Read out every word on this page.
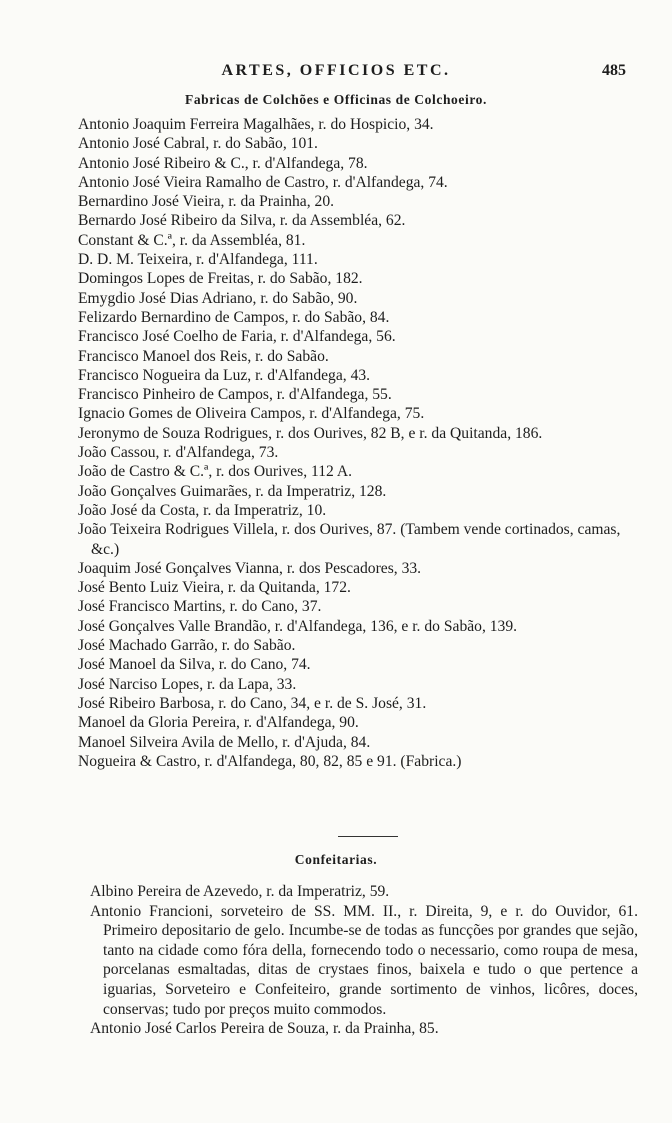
ARTES, OFFICIOS ETC.	485
Fabricas de Colchões e Officinas de Colchoeiro.
Antonio Joaquim Ferreira Magalhães, r. do Hospicio, 34.
Antonio José Cabral, r. do Sabão, 101.
Antonio José Ribeiro & C., r. d'Alfandega, 78.
Antonio José Vieira Ramalho de Castro, r. d'Alfandega, 74.
Bernardino José Vieira, r. da Prainha, 20.
Bernardo José Ribeiro da Silva, r. da Assembléa, 62.
Constant & C.ª, r. da Assembléa, 81.
D. D. M. Teixeira, r. d'Alfandega, 111.
Domingos Lopes de Freitas, r. do Sabão, 182.
Emygdio José Dias Adriano, r. do Sabão, 90.
Felizardo Bernardino de Campos, r. do Sabão, 84.
Francisco José Coelho de Faria, r. d'Alfandega, 56.
Francisco Manoel dos Reis, r. do Sabão.
Francisco Nogueira da Luz, r. d'Alfandega, 43.
Francisco Pinheiro de Campos, r. d'Alfandega, 55.
Ignacio Gomes de Oliveira Campos, r. d'Alfandega, 75.
Jeronymo de Souza Rodrigues, r. dos Ourives, 82 B, e r. da Quitanda, 186.
João Cassou, r. d'Alfandega, 73.
João de Castro & C.ª, r. dos Ourives, 112 A.
João Gonçalves Guimarães, r. da Imperatriz, 128.
João José da Costa, r. da Imperatriz, 10.
João Teixeira Rodrigues Villela, r. dos Ourives, 87. (Tambem vende cortinados, camas, &c.)
Joaquim José Gonçalves Vianna, r. dos Pescadores, 33.
José Bento Luiz Vieira, r. da Quitanda, 172.
José Francisco Martins, r. do Cano, 37.
José Gonçalves Valle Brandão, r. d'Alfandega, 136, e r. do Sabão, 139.
José Machado Garrão, r. do Sabão.
José Manoel da Silva, r. do Cano, 74.
José Narciso Lopes, r. da Lapa, 33.
José Ribeiro Barbosa, r. do Cano, 34, e r. de S. José, 31.
Manoel da Gloria Pereira, r. d'Alfandega, 90.
Manoel Silveira Avila de Mello, r. d'Ajuda, 84.
Nogueira & Castro, r. d'Alfandega, 80, 82, 85 e 91. (Fabrica.)
Confeitarias.
Albino Pereira de Azevedo, r. da Imperatriz, 59.
Antonio Francioni, sorveteiro de SS. MM. II., r. Direita, 9, e r. do Ouvidor, 61. Primeiro depositario de gelo. Incumbe-se de todas as funcções por grandes que sejão, tanto na cidade como fóra della, fornecendo todo o necessario, como roupa de mesa, porcelanas esmaltadas, ditas de crystaes finos, baixela e tudo o que pertence a iguarias, Sorveteiro e Confeiteiro, grande sortimento de vinhos, licôres, doces, conservas; tudo por preços muito commodos.
Antonio José Carlos Pereira de Souza, r. da Prainha, 85.
